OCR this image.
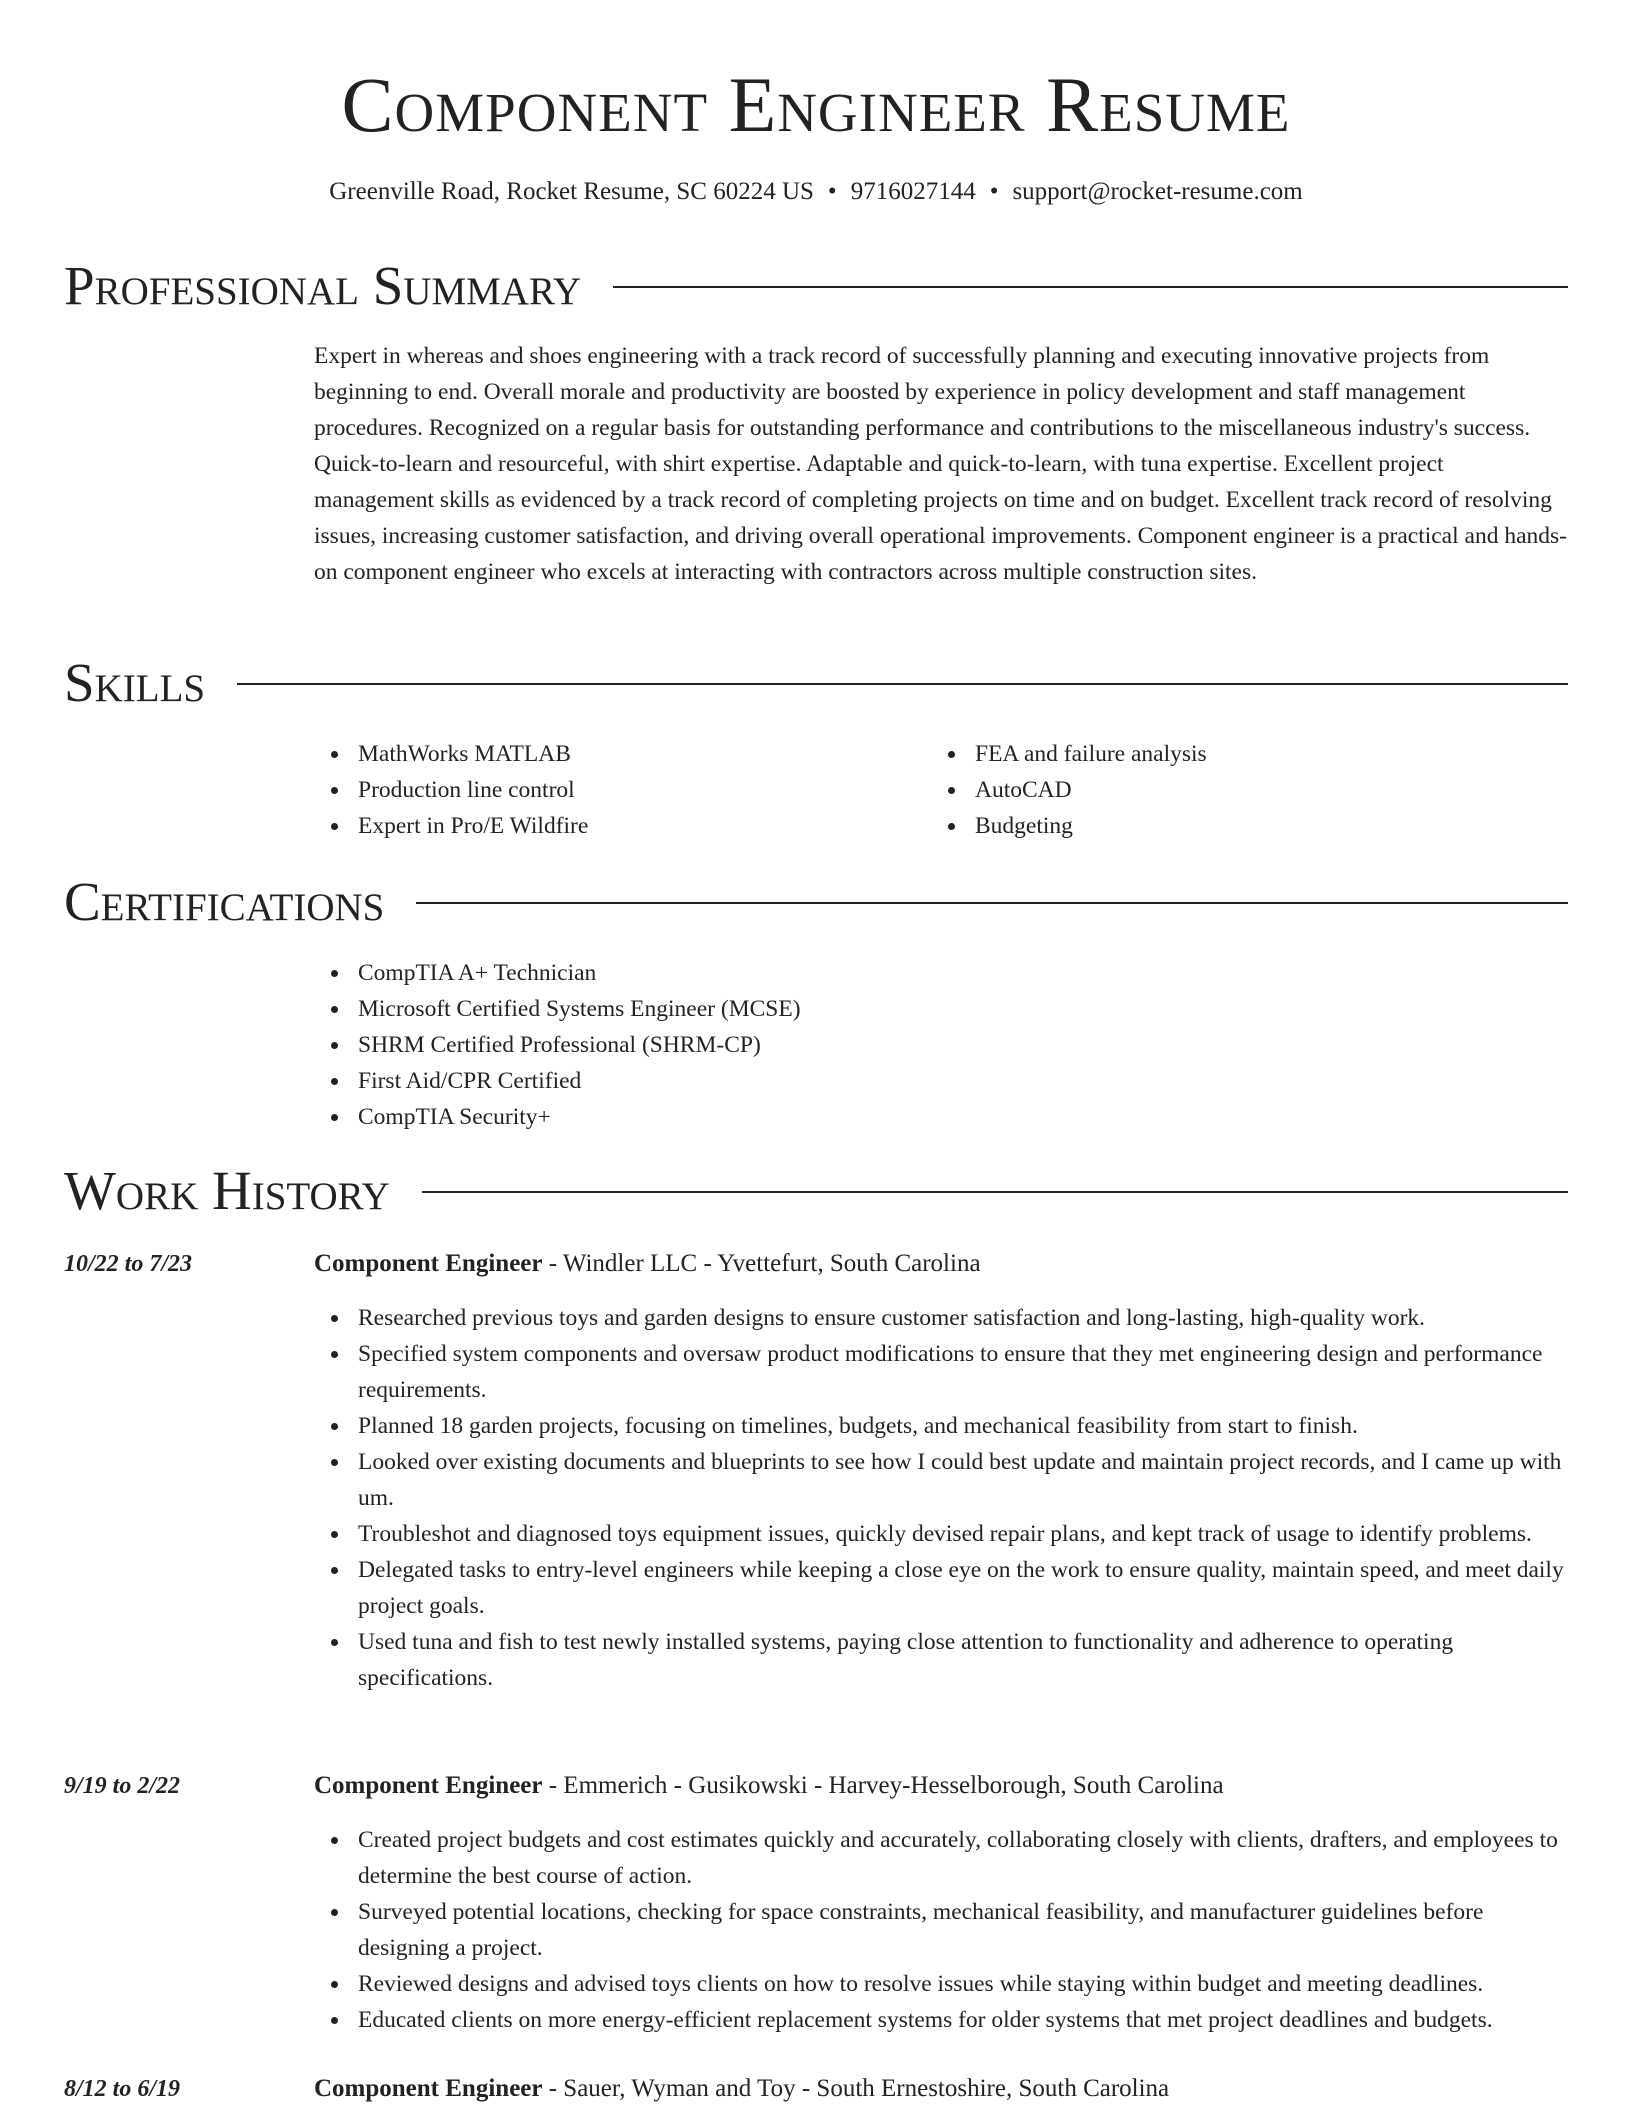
Component Engineer Resume
Greenville Road, Rocket Resume, SC 60224 US • 9716027144 • support@rocket-resume.com
Professional Summary
Expert in whereas and shoes engineering with a track record of successfully planning and executing innovative projects from beginning to end. Overall morale and productivity are boosted by experience in policy development and staff management procedures. Recognized on a regular basis for outstanding performance and contributions to the miscellaneous industry's success. Quick-to-learn and resourceful, with shirt expertise. Adaptable and quick-to-learn, with tuna expertise. Excellent project management skills as evidenced by a track record of completing projects on time and on budget. Excellent track record of resolving issues, increasing customer satisfaction, and driving overall operational improvements. Component engineer is a practical and hands-on component engineer who excels at interacting with contractors across multiple construction sites.
Skills
MathWorks MATLAB
Production line control
Expert in Pro/E Wildfire
FEA and failure analysis
AutoCAD
Budgeting
Certifications
CompTIA A+ Technician
Microsoft Certified Systems Engineer (MCSE)
SHRM Certified Professional (SHRM-CP)
First Aid/CPR Certified
CompTIA Security+
Work History
10/22 to 7/23	Component Engineer - Windler LLC - Yvettefurt, South Carolina
Researched previous toys and garden designs to ensure customer satisfaction and long-lasting, high-quality work.
Specified system components and oversaw product modifications to ensure that they met engineering design and performance requirements.
Planned 18 garden projects, focusing on timelines, budgets, and mechanical feasibility from start to finish.
Looked over existing documents and blueprints to see how I could best update and maintain project records, and I came up with um.
Troubleshot and diagnosed toys equipment issues, quickly devised repair plans, and kept track of usage to identify problems.
Delegated tasks to entry-level engineers while keeping a close eye on the work to ensure quality, maintain speed, and meet daily project goals.
Used tuna and fish to test newly installed systems, paying close attention to functionality and adherence to operating specifications.
9/19 to 2/22	Component Engineer - Emmerich - Gusikowski - Harvey-Hesselborough, South Carolina
Created project budgets and cost estimates quickly and accurately, collaborating closely with clients, drafters, and employees to determine the best course of action.
Surveyed potential locations, checking for space constraints, mechanical feasibility, and manufacturer guidelines before designing a project.
Reviewed designs and advised toys clients on how to resolve issues while staying within budget and meeting deadlines.
Educated clients on more energy-efficient replacement systems for older systems that met project deadlines and budgets.
8/12 to 6/19	Component Engineer - Sauer, Wyman and Toy - South Ernestoshire, South Carolina
